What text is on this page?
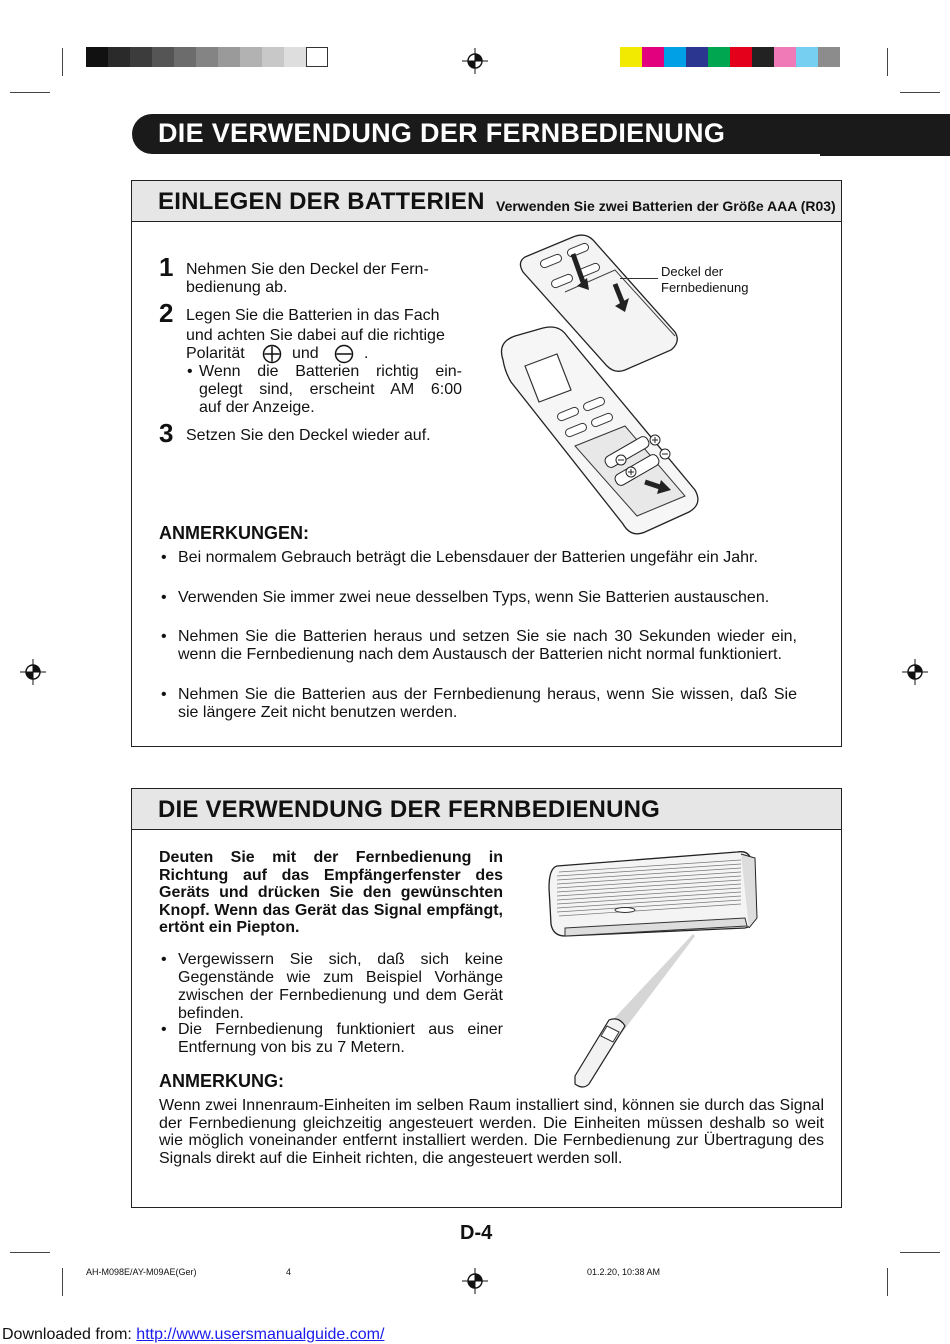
DIE VERWENDUNG DER FERNBEDIENUNG
EINLEGEN DER BATTERIEN Verwenden Sie zwei Batterien der Größe AAA (R03)
1 Nehmen Sie den Deckel der Fern-
bedienung ab.
2 Legen Sie die Batterien in das Fach
und achten Sie dabei auf die richtige
Polarität	und	.
• Wenn die Batterien richtig ein-
gelegt sind, erscheint AM 6:00
auf der Anzeige.
3 Setzen Sie den Deckel wieder auf.
Deckel der
Fernbedienung
ANMERKUNGEN:
• Bei normalem Gebrauch beträgt die Lebensdauer der Batterien ungefähr ein Jahr.
• Verwenden Sie immer zwei neue desselben Typs, wenn Sie Batterien austauschen.
• Nehmen Sie die Batterien heraus und setzen Sie sie nach 30 Sekunden wieder ein, wenn die Fernbedienung nach dem Austausch der Batterien nicht normal funktioniert.
• Nehmen Sie die Batterien aus der Fernbedienung heraus, wenn Sie wissen, daß Sie sie längere Zeit nicht benutzen werden.
DIE VERWENDUNG DER FERNBEDIENUNG
Deuten Sie mit der Fernbedienung in Richtung auf das Empfängerfenster des Geräts und drücken Sie den gewünschten Knopf. Wenn das Gerät das Signal empfängt, ertönt ein Piepton.
• Vergewissern Sie sich, daß sich keine Gegenstände wie zum Beispiel Vorhänge zwischen der Fernbedienung und dem Gerät befinden.
• Die Fernbedienung funktioniert aus einer Entfernung von bis zu 7 Metern.
ANMERKUNG:
Wenn zwei Innenraum-Einheiten im selben Raum installiert sind, können sie durch das Signal der Fernbedienung gleichzeitig angesteuert werden. Die Einheiten müssen deshalb so weit wie möglich voneinander entfernt installiert werden. Die Fernbedienung zur Übertragung des Signals direkt auf die Einheit richten, die angesteuert werden soll.
D-4
AH-M098E/AY-M09AE(Ger)	4	01.2.20, 10:38 AM
Downloaded from: http://www.usersmanualguide.com/
